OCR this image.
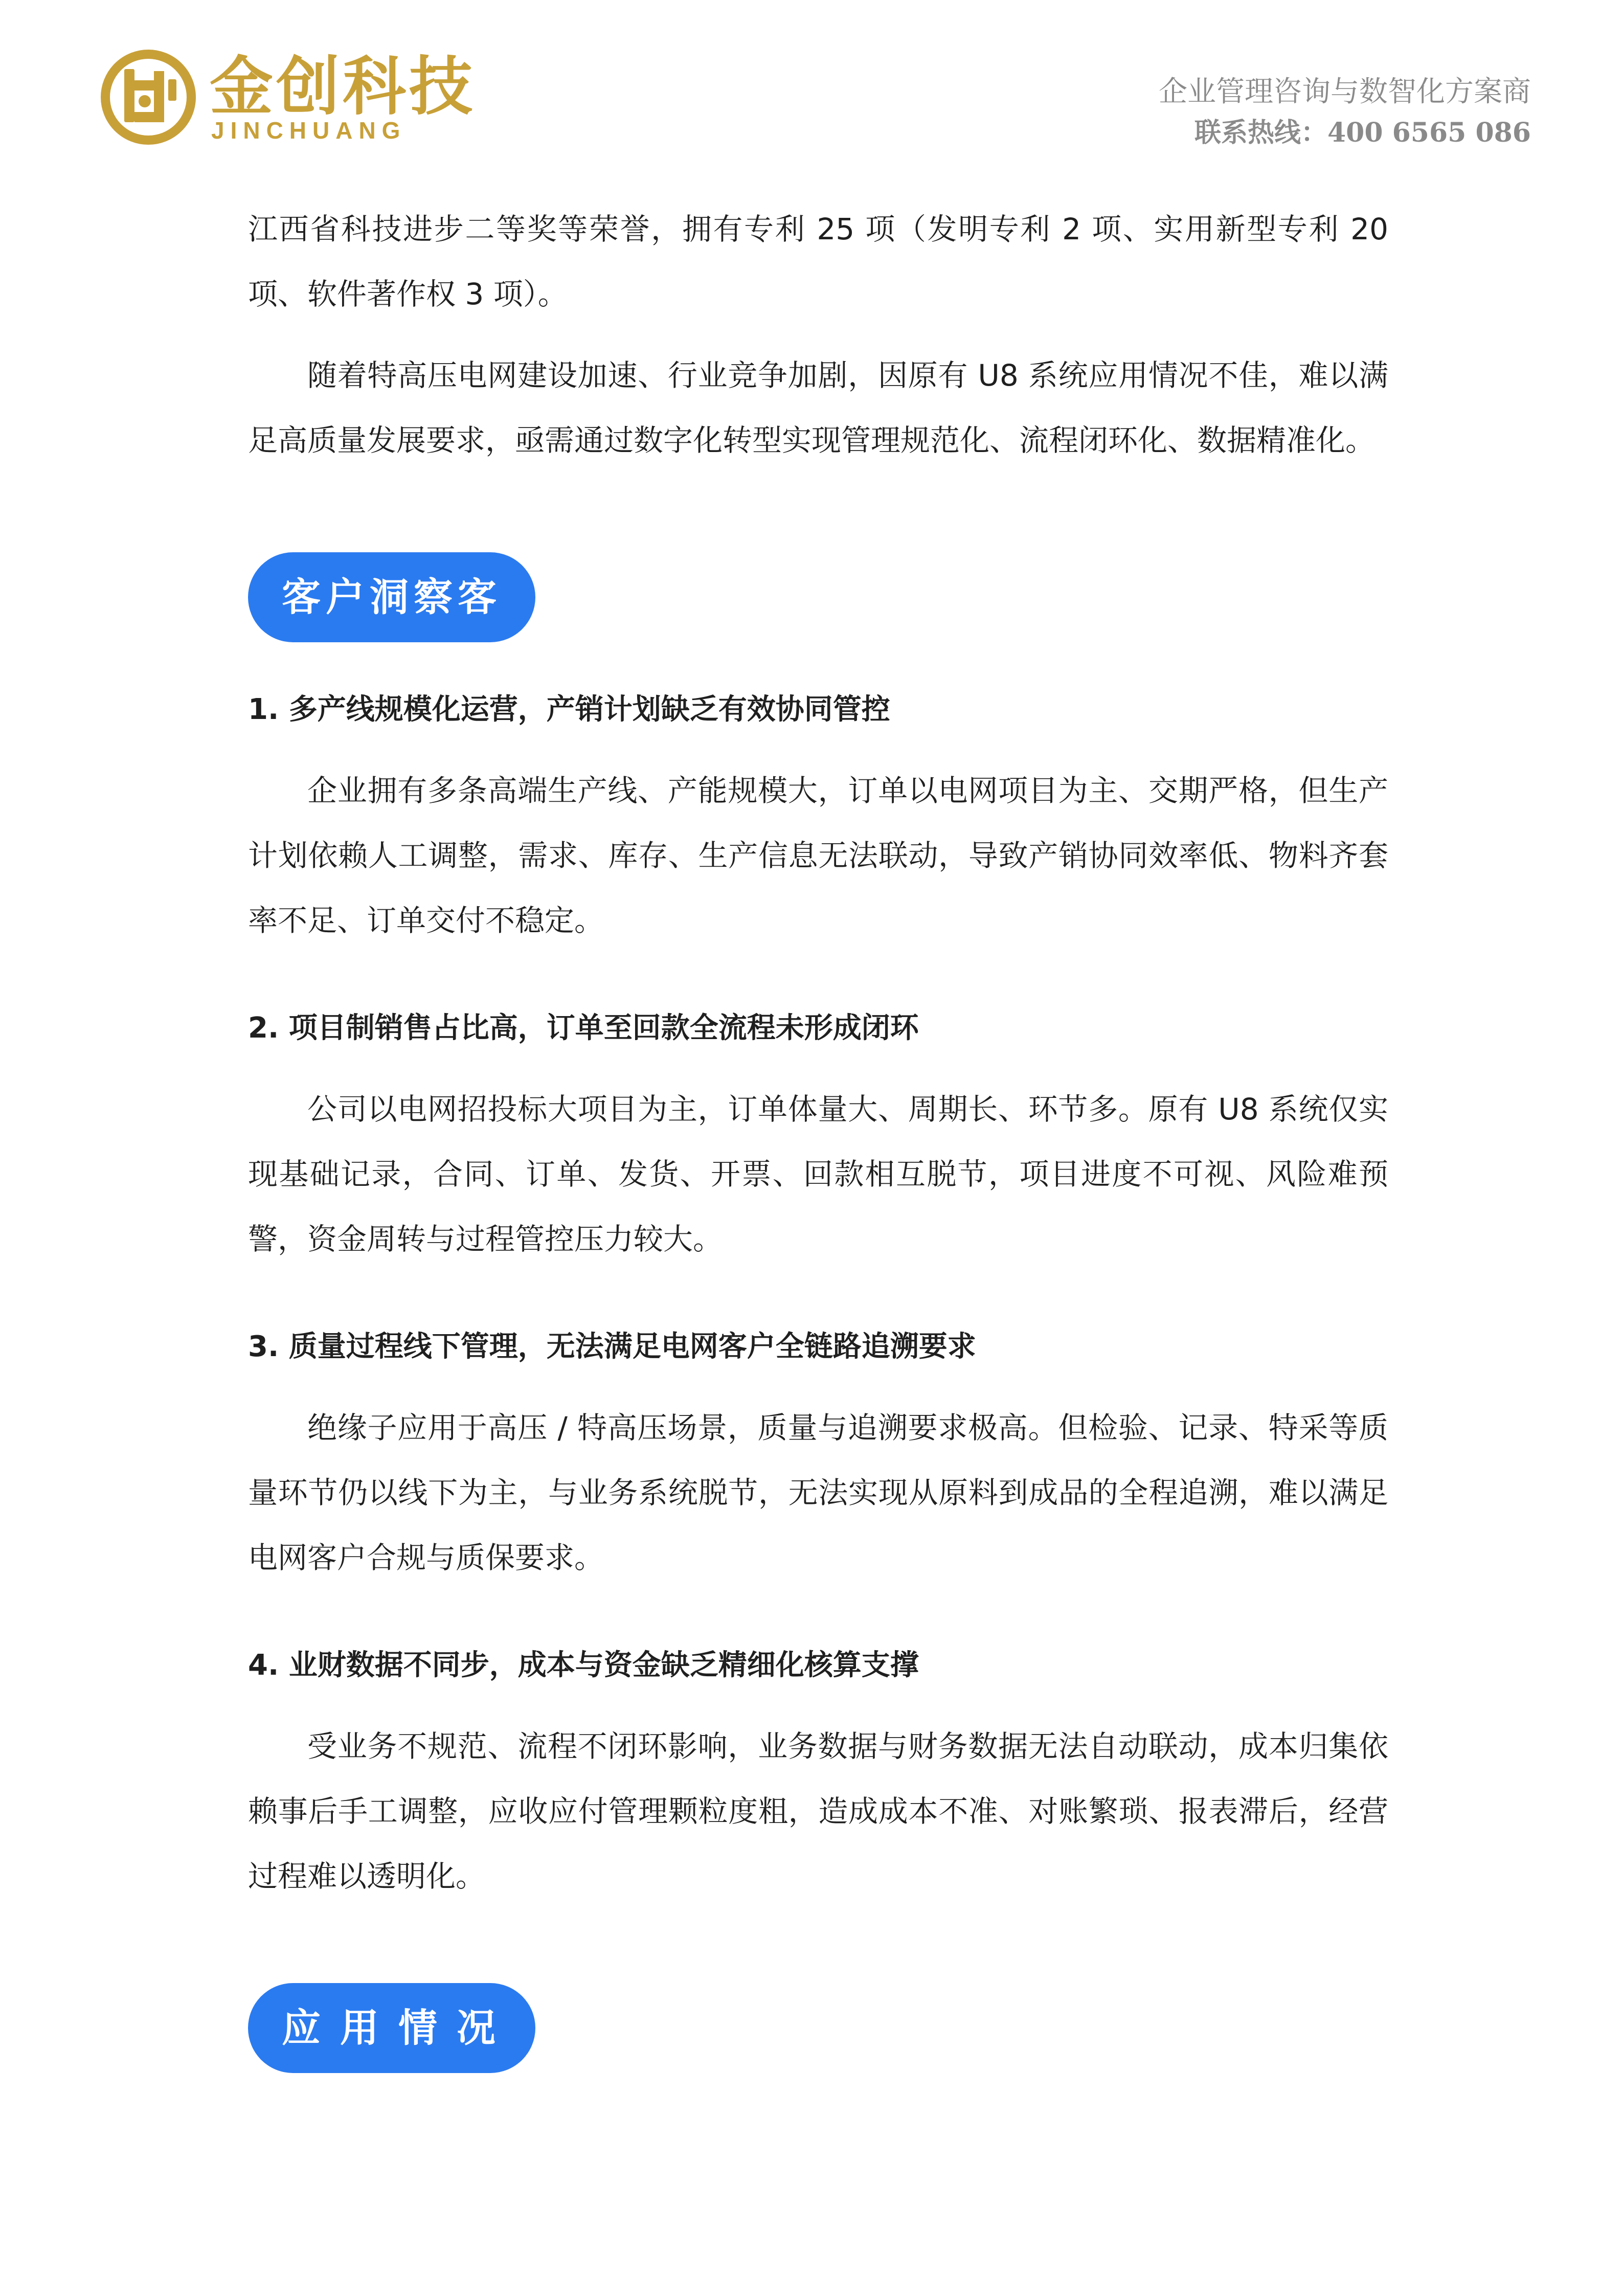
金创科技
JINCHUANG
企业管理咨询与数智化方案商
联系热线：400 6565 086

江西省科技进步二等奖等荣誉，拥有专利 25 项（发明专利 2 项、实用新型专利 20 项、软件著作权 3 项）。

随着特高压电网建设加速、行业竞争加剧，因原有 U8 系统应用情况不佳，难以满足高质量发展要求，亟需通过数字化转型实现管理规范化、流程闭环化、数据精准化。

客户洞察客

1. 多产线规模化运营，产销计划缺乏有效协同管控

企业拥有多条高端生产线、产能规模大，订单以电网项目为主、交期严格，但生产计划依赖人工调整，需求、库存、生产信息无法联动，导致产销协同效率低、物料齐套率不足、订单交付不稳定。

2. 项目制销售占比高，订单至回款全流程未形成闭环

公司以电网招投标大项目为主，订单体量大、周期长、环节多。原有 U8 系统仅实现基础记录，合同、订单、发货、开票、回款相互脱节，项目进度不可视、风险难预警，资金周转与过程管控压力较大。

3. 质量过程线下管理，无法满足电网客户全链路追溯要求

绝缘子应用于高压 / 特高压场景，质量与追溯要求极高。但检验、记录、特采等质量环节仍以线下为主，与业务系统脱节，无法实现从原料到成品的全程追溯，难以满足电网客户合规与质保要求。

4. 业财数据不同步，成本与资金缺乏精细化核算支撑

受业务不规范、流程不闭环影响，业务数据与财务数据无法自动联动，成本归集依赖事后手工调整，应收应付管理颗粒度粗，造成成本不准、对账繁琐、报表滞后，经营过程难以透明化。

应用情况
